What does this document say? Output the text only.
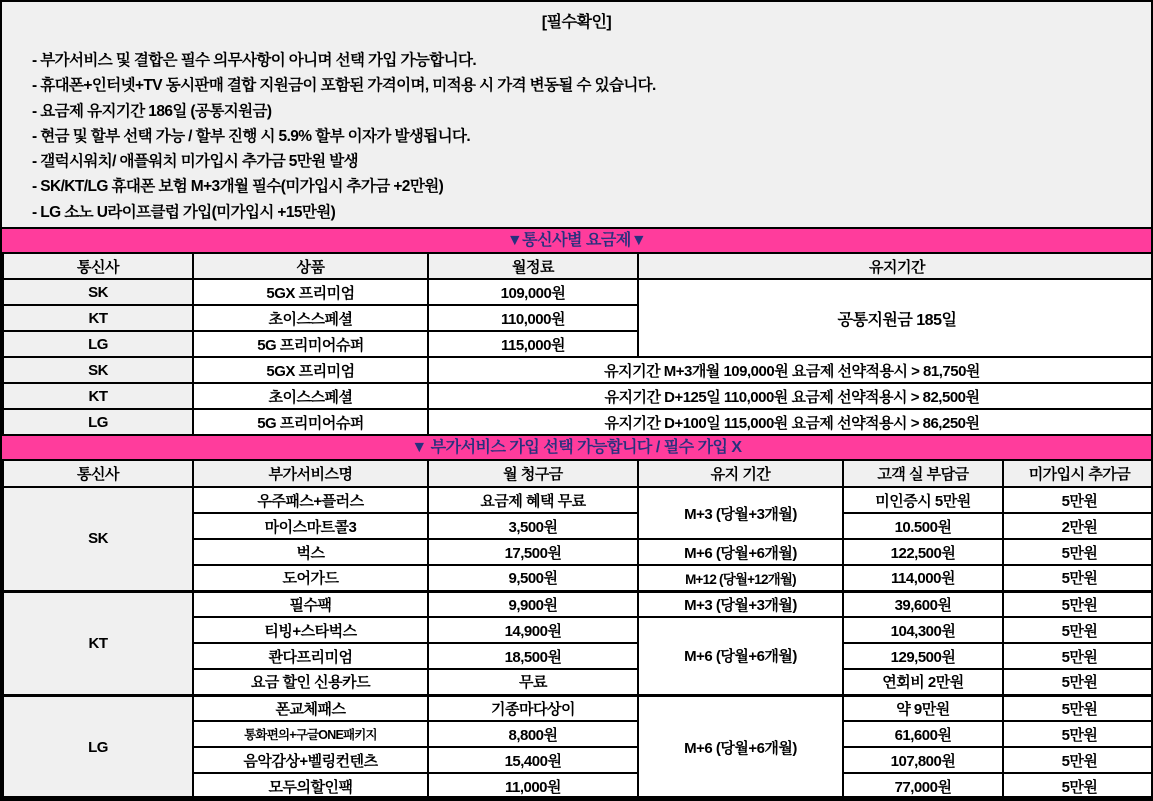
[필수확인]
- 부가서비스 및 결합은 필수 의무사항이 아니며 선택 가입 가능합니다.
- 휴대폰+인터넷+TV 동시판매 결합 지원금이 포함된 가격이며, 미적용 시 가격 변동될 수 있습니다.
- 요금제 유지기간 186일 (공통지원금)
- 현금 및 할부 선택 가능 / 할부 진행 시 5.9% 할부 이자가 발생됩니다.
- 갤럭시워치/ 애플워치 미가입시 추가금 5만원 발생
- SK/KT/LG 휴대폰 보험 M+3개월 필수(미가입시 추가금 +2만원)
- LG 소노 U라이프클럽 가입(미가입시 +15만원)
▼통신사별 요금제▼
통신사	상품	월정료	유지기간
SK	5GX 프리미엄	109,000원	공통지원금 185일
KT	초이스스페셜	110,000원	
LG	5G 프리미어슈퍼	115,000원	
SK	5GX 프리미엄	유지기간 M+3개월 109,000원 요금제 선약적용시 > 81,750원	
KT	초이스스페셜	유지기간 D+125일 110,000원 요금제 선약적용시 > 82,500원	
LG	5G 프리미어슈퍼	유지기간 D+100일 115,000원 요금제 선약적용시 > 86,250원	
▼ 부가서비스 가입 선택 가능합니다 / 필수 가입 X
통신사	부가서비스명	월 청구금	유지 기간	고객 실 부담금	미가입시 추가금
SK	우주패스+플러스	요금제 혜택 무료	M+3 (당월+3개월)	미인증시 5만원	5만원
	마이스마트콜3	3,500원		10.500원	2만원
	벅스	17,500원	M+6 (당월+6개월)	122,500원	5만원
	도어가드	9,500원	M+12 (당월+12개월)	114,000원	5만원
KT	필수팩	9,900원	M+3 (당월+3개월)	39,600원	5만원
	티빙+스타벅스	14,900원	M+6 (당월+6개월)	104,300원	5만원
	콴다프리미엄	18,500원		129,500원	5만원
	요금 할인 신용카드	무료		연회비 2만원	5만원
LG	폰교체패스	기종마다상이	M+6 (당월+6개월)	약 9만원	5만원
	통화편의+구글ONE패키지	8,800원		61,600원	5만원
	음악감상+벨링컨텐츠	15,400원		107,800원	5만원
	모두의할인팩	11,000원		77,000원	5만원
